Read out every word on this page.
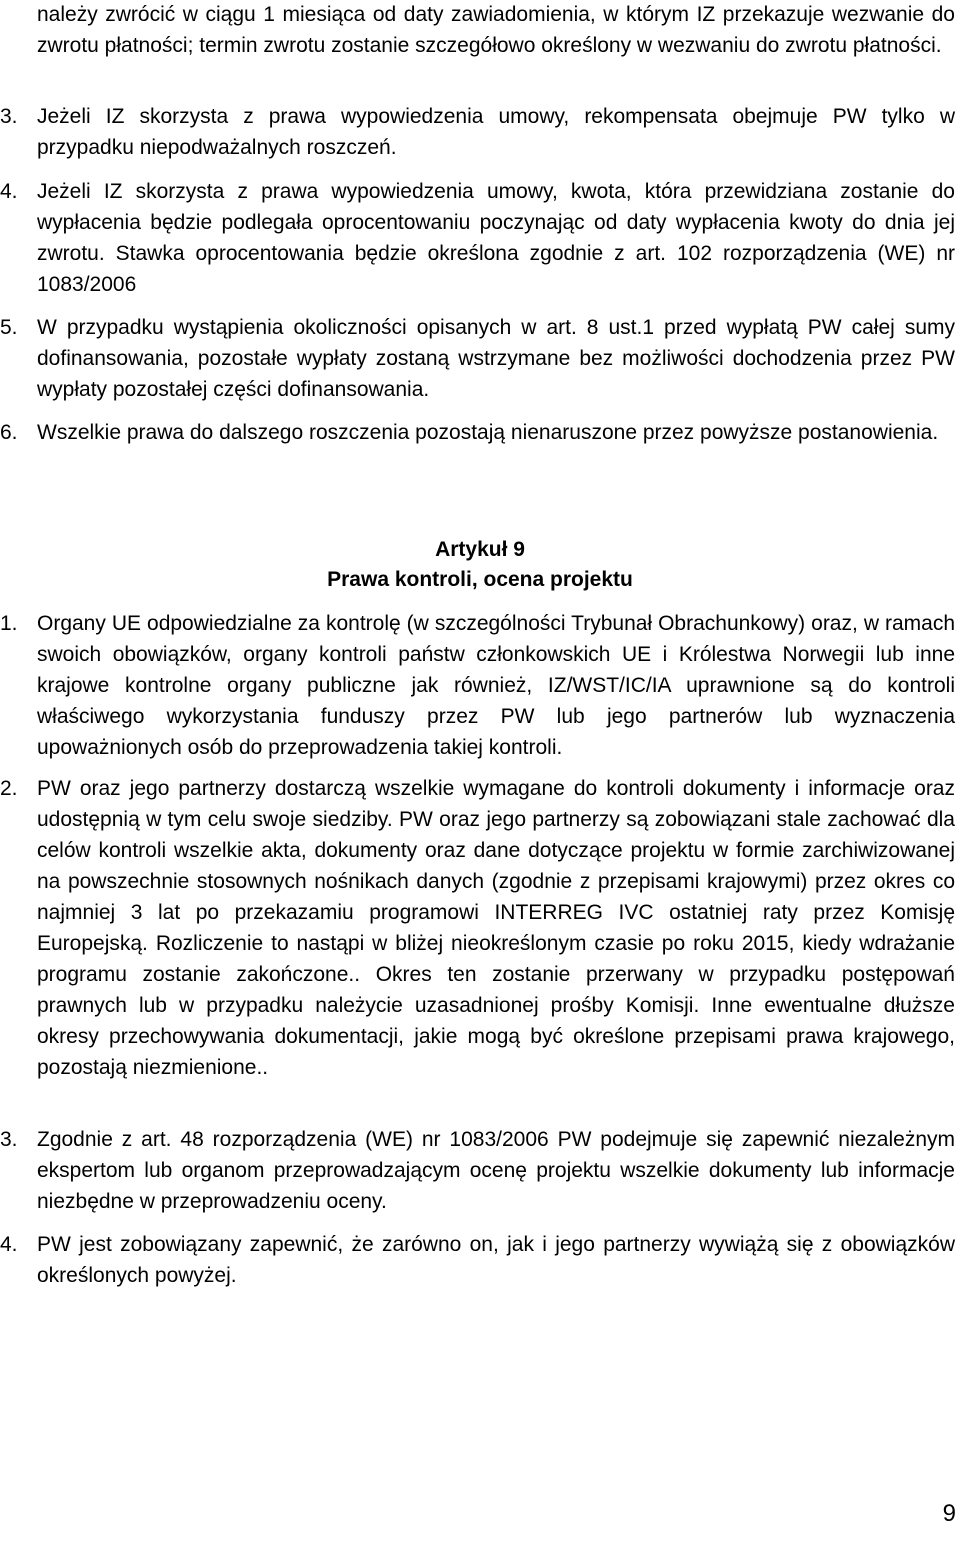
należy zwrócić w ciągu 1 miesiąca od daty zawiadomienia, w którym IZ przekazuje wezwanie do zwrotu płatności; termin zwrotu zostanie szczegółowo określony w wezwaniu do zwrotu płatności.
3. Jeżeli IZ skorzysta z prawa wypowiedzenia umowy, rekompensata obejmuje PW tylko w przypadku niepodważalnych roszczeń.
4. Jeżeli IZ skorzysta z prawa wypowiedzenia umowy, kwota, która przewidziana zostanie do wypłacenia będzie podlegała oprocentowaniu poczynając od daty wypłacenia kwoty do dnia jej zwrotu. Stawka oprocentowania będzie określona zgodnie z art. 102 rozporządzenia (WE) nr 1083/2006
5. W przypadku wystąpienia okoliczności opisanych w art. 8 ust.1 przed wypłatą PW całej sumy dofinansowania, pozostałe wypłaty zostaną wstrzymane bez możliwości dochodzenia przez PW wypłaty pozostałej części dofinansowania.
6. Wszelkie prawa do dalszego roszczenia pozostają nienaruszone przez powyższe postanowienia.
Artykuł 9
Prawa kontroli, ocena projektu
1. Organy UE odpowiedzialne za kontrolę (w szczególności Trybunał Obrachunkowy) oraz, w ramach swoich obowiązków, organy kontroli państw członkowskich UE i Królestwa Norwegii lub inne krajowe kontrolne organy publiczne jak również, IZ/WST/IC/IA uprawnione są do kontroli właściwego wykorzystania funduszy przez PW lub jego partnerów lub wyznaczenia upoważnionych osób do przeprowadzenia takiej kontroli.
2. PW oraz jego partnerzy dostarczą wszelkie wymagane do kontroli dokumenty i informacje oraz udostępnią w tym celu swoje siedziby. PW oraz jego partnerzy są zobowiązani stale zachować dla celów kontroli wszelkie akta, dokumenty oraz dane dotyczące projektu w formie zarchiwizowanej na powszechnie stosownych nośnikach danych (zgodnie z przepisami krajowymi) przez okres co najmniej 3 lat po przekazamiu programowi INTERREG IVC ostatniej raty przez Komisję Europejską. Rozliczenie to nastąpi w bliżej nieokreślonym czasie po roku 2015, kiedy wdrażanie programu zostanie zakończone.. Okres ten zostanie przerwany w przypadku postępowań prawnych lub w przypadku należycie uzasadnionej prośby Komisji. Inne ewentualne dłuższe okresy przechowywania dokumentacji, jakie mogą być określone przepisami prawa krajowego, pozostają niezmienione..
3. Zgodnie z art. 48 rozporządzenia (WE) nr 1083/2006 PW podejmuje się zapewnić niezależnym ekspertom lub organom przeprowadzającym ocenę projektu wszelkie dokumenty lub informacje niezbędne w przeprowadzeniu oceny.
4. PW jest zobowiązany zapewnić, że zarówno on, jak i jego partnerzy wywiążą się z obowiązków określonych powyżej.
9
